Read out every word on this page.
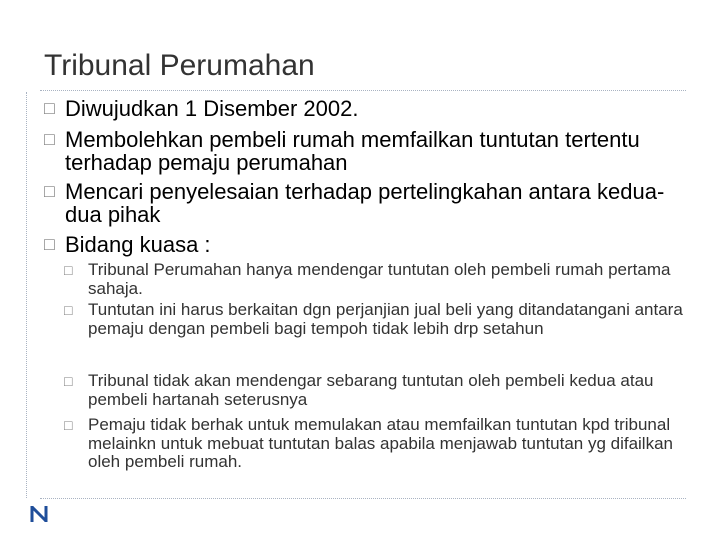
Tribunal Perumahan
□ Diwujudkan 1 Disember 2002.
□ Membolehkan pembeli rumah memfailkan tuntutan tertentu terhadap pemaju perumahan
□ Mencari penyelesaian terhadap pertelingkahan antara kedua-dua pihak
□ Bidang kuasa :
□ Tribunal Perumahan hanya mendengar tuntutan oleh pembeli rumah pertama sahaja.
□ Tuntutan ini harus berkaitan dgn perjanjian jual beli yang ditandatangani antara pemaju dengan pembeli bagi tempoh tidak lebih drp setahun
□ Tribunal tidak akan mendengar sebarang tuntutan oleh pembeli kedua atau pembeli hartanah seterusnya
□ Pemaju tidak berhak untuk memulakan atau memfailkan tuntutan kpd tribunal melainkn untuk mebuat tuntutan balas apabila menjawab tuntutan yg difailkan oleh pembeli rumah.
